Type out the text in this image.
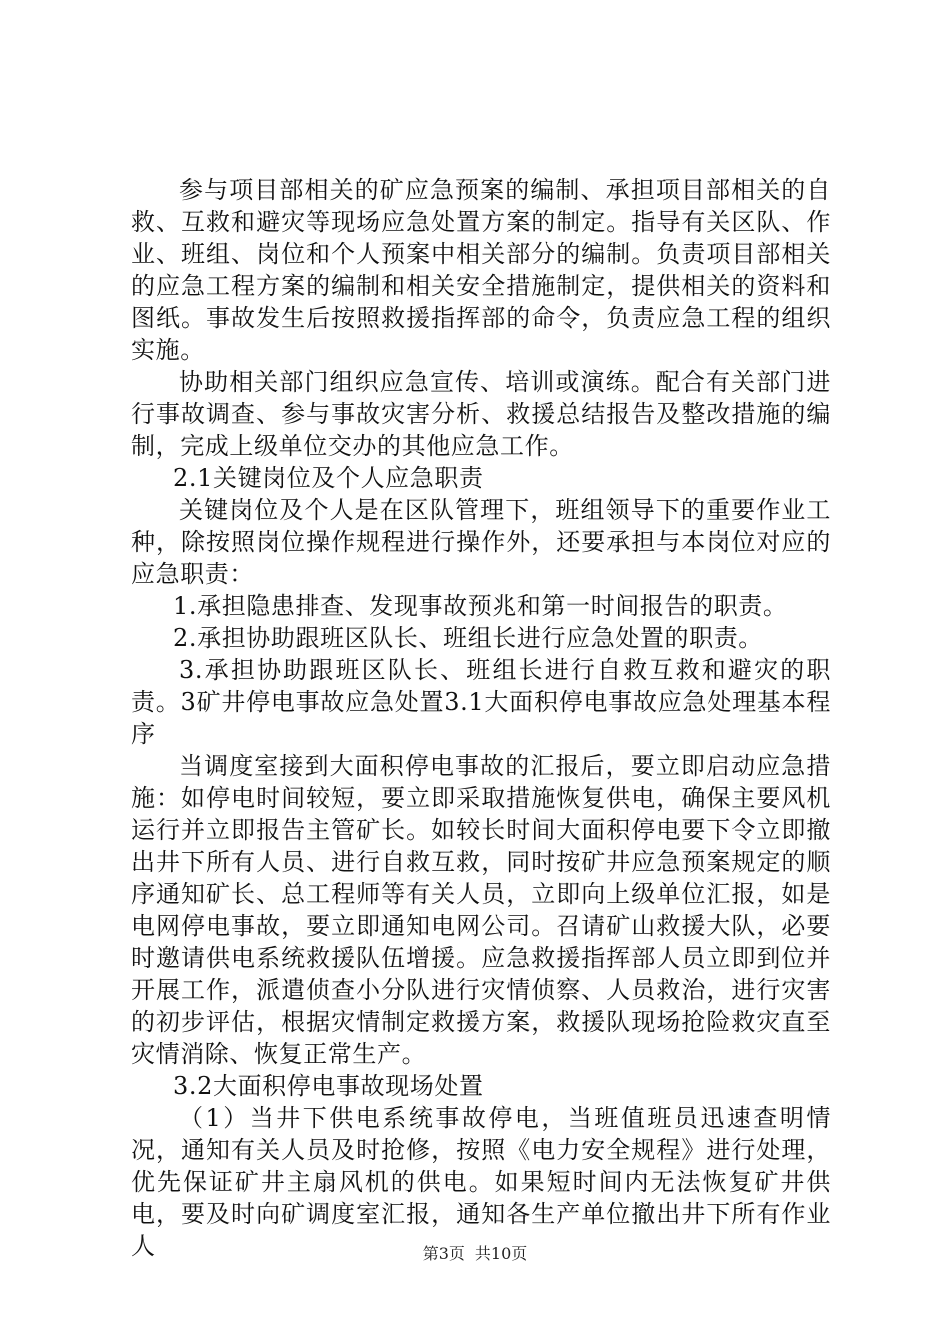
参与项目部相关的矿应急预案的编制、承担项目部相关的自救、互救和避灾等现场应急处置方案的制定。指导有关区队、作业、班组、岗位和个人预案中相关部分的编制。负责项目部相关的应急工程方案的编制和相关安全措施制定，提供相关的资料和图纸。事故发生后按照救援指挥部的命令，负责应急工程的组织实施。

协助相关部门组织应急宣传、培训或演练。配合有关部门进行事故调查、参与事故灾害分析、救援总结报告及整改措施的编制，完成上级单位交办的其他应急工作。

2.1关键岗位及个人应急职责

关键岗位及个人是在区队管理下，班组领导下的重要作业工种，除按照岗位操作规程进行操作外，还要承担与本岗位对应的应急职责：

1.承担隐患排查、发现事故预兆和第一时间报告的职责。

2.承担协助跟班区队长、班组长进行应急处置的职责。

3.承担协助跟班区队长、班组长进行自救互救和避灾的职责。3矿井停电事故应急处置3.1大面积停电事故应急处理基本程序

当调度室接到大面积停电事故的汇报后，要立即启动应急措施：如停电时间较短，要立即采取措施恢复供电，确保主要风机运行并立即报告主管矿长。如较长时间大面积停电要下令立即撤出井下所有人员、进行自救互救，同时按矿井应急预案规定的顺序通知矿长、总工程师等有关人员，立即向上级单位汇报，如是电网停电事故，要立即通知电网公司。召请矿山救援大队，必要时邀请供电系统救援队伍增援。应急救援指挥部人员立即到位并开展工作，派遣侦查小分队进行灾情侦察、人员救治，进行灾害的初步评估，根据灾情制定救援方案，救援队现场抢险救灾直至灾情消除、恢复正常生产。

3.2大面积停电事故现场处置

（1）当井下供电系统事故停电，当班值班员迅速查明情况，通知有关人员及时抢修，按照《电力安全规程》进行处理，优先保证矿井主扇风机的供电。如果短时间内无法恢复矿井供电，要及时向矿调度室汇报，通知各生产单位撤出井下所有作业人	第3页 共10页
